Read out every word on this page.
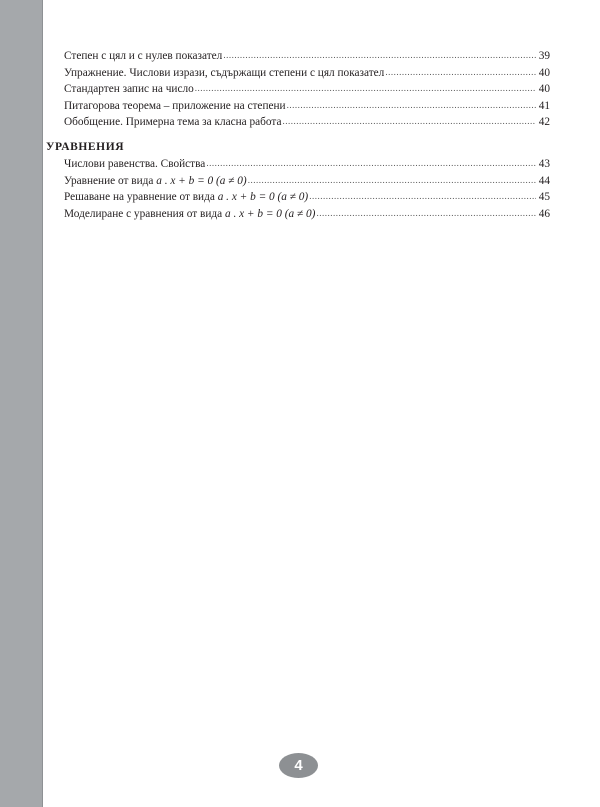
Степен с цял и с нулев показател .....	39
Упражнение. Числови изрази, съдържащи степени с цял показател .....	40
Стандартен запис на число .....	40
Питагорова теорема – приложение на степени .....	41
Обобщение. Примерна тема за класна работа .....	42
УРАВНЕНИЯ
Числови равенства. Свойства .....	43
Уравнение от вида a . x + b = 0 (a ≠ 0) .....	44
Решаване на уравнение от вида a . x + b = 0 (a ≠ 0) .....	45
Моделиране с уравнения от вида a . x + b = 0 (a ≠ 0) .....	46
4
